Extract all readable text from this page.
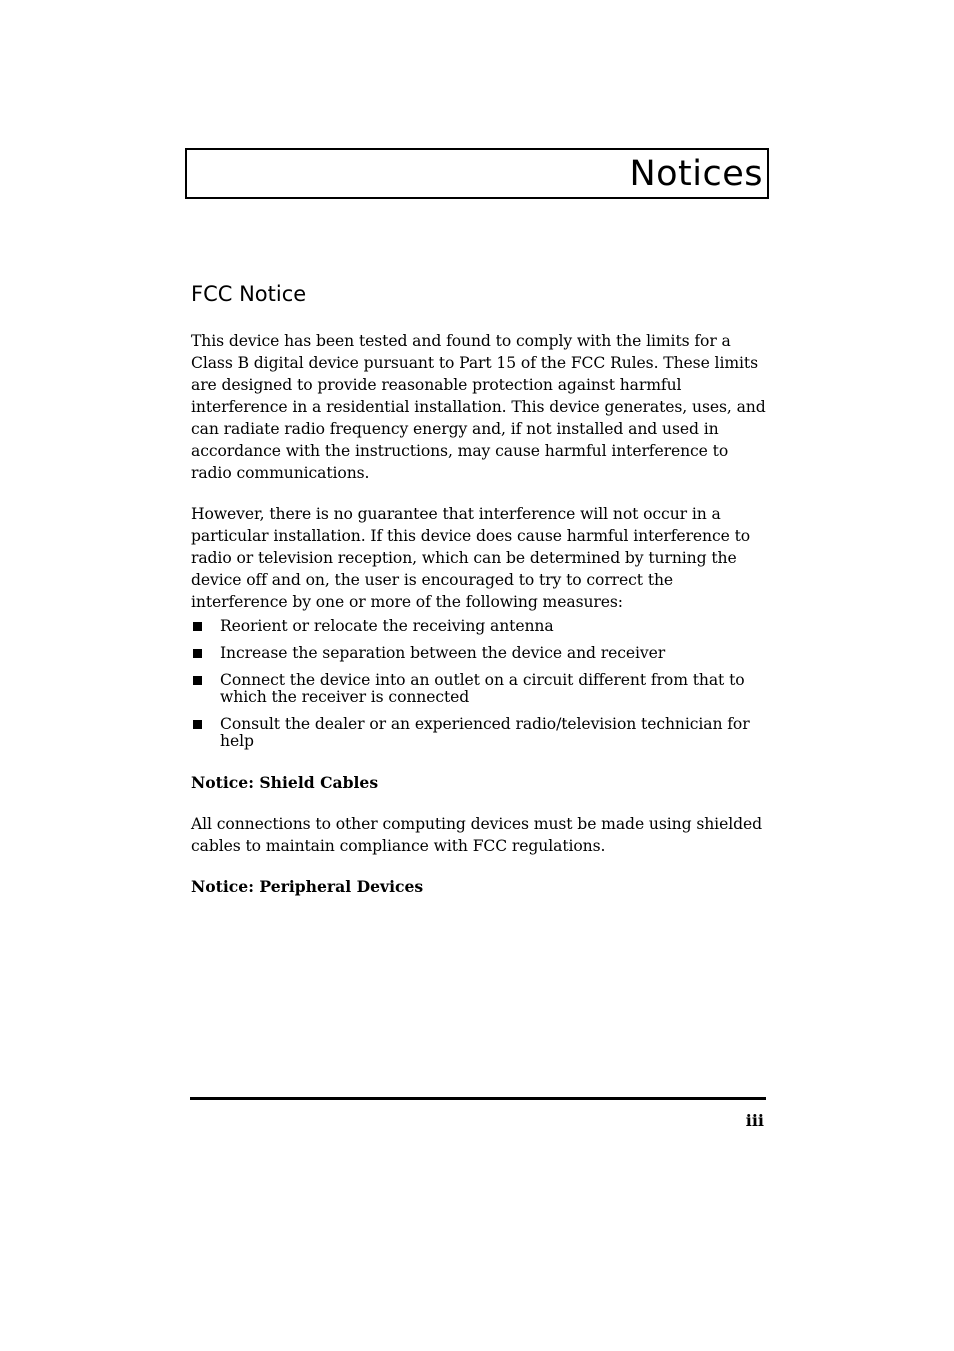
Notices
FCC Notice

This device has been tested and found to comply with the limits for a Class B digital device pursuant to Part 15 of the FCC Rules. These limits are designed to provide reasonable protection against harmful interference in a residential installation. This device generates, uses, and can radiate radio frequency energy and, if not installed and used in accordance with the instructions, may cause harmful interference to radio communications.

However, there is no guarantee that interference will not occur in a particular installation. If this device does cause harmful interference to radio or television reception, which can be determined by turning the device off and on, the user is encouraged to try to correct the interference by one or more of the following measures:

Reorient or relocate the receiving antenna
Increase the separation between the device and receiver
Connect the device into an outlet on a circuit different from that to which the receiver is connected
Consult the dealer or an experienced radio/television technician for help
Notice: Shield Cables

All connections to other computing devices must be made using shielded cables to maintain compliance with FCC regulations.

Notice: Peripheral Devices
iii
